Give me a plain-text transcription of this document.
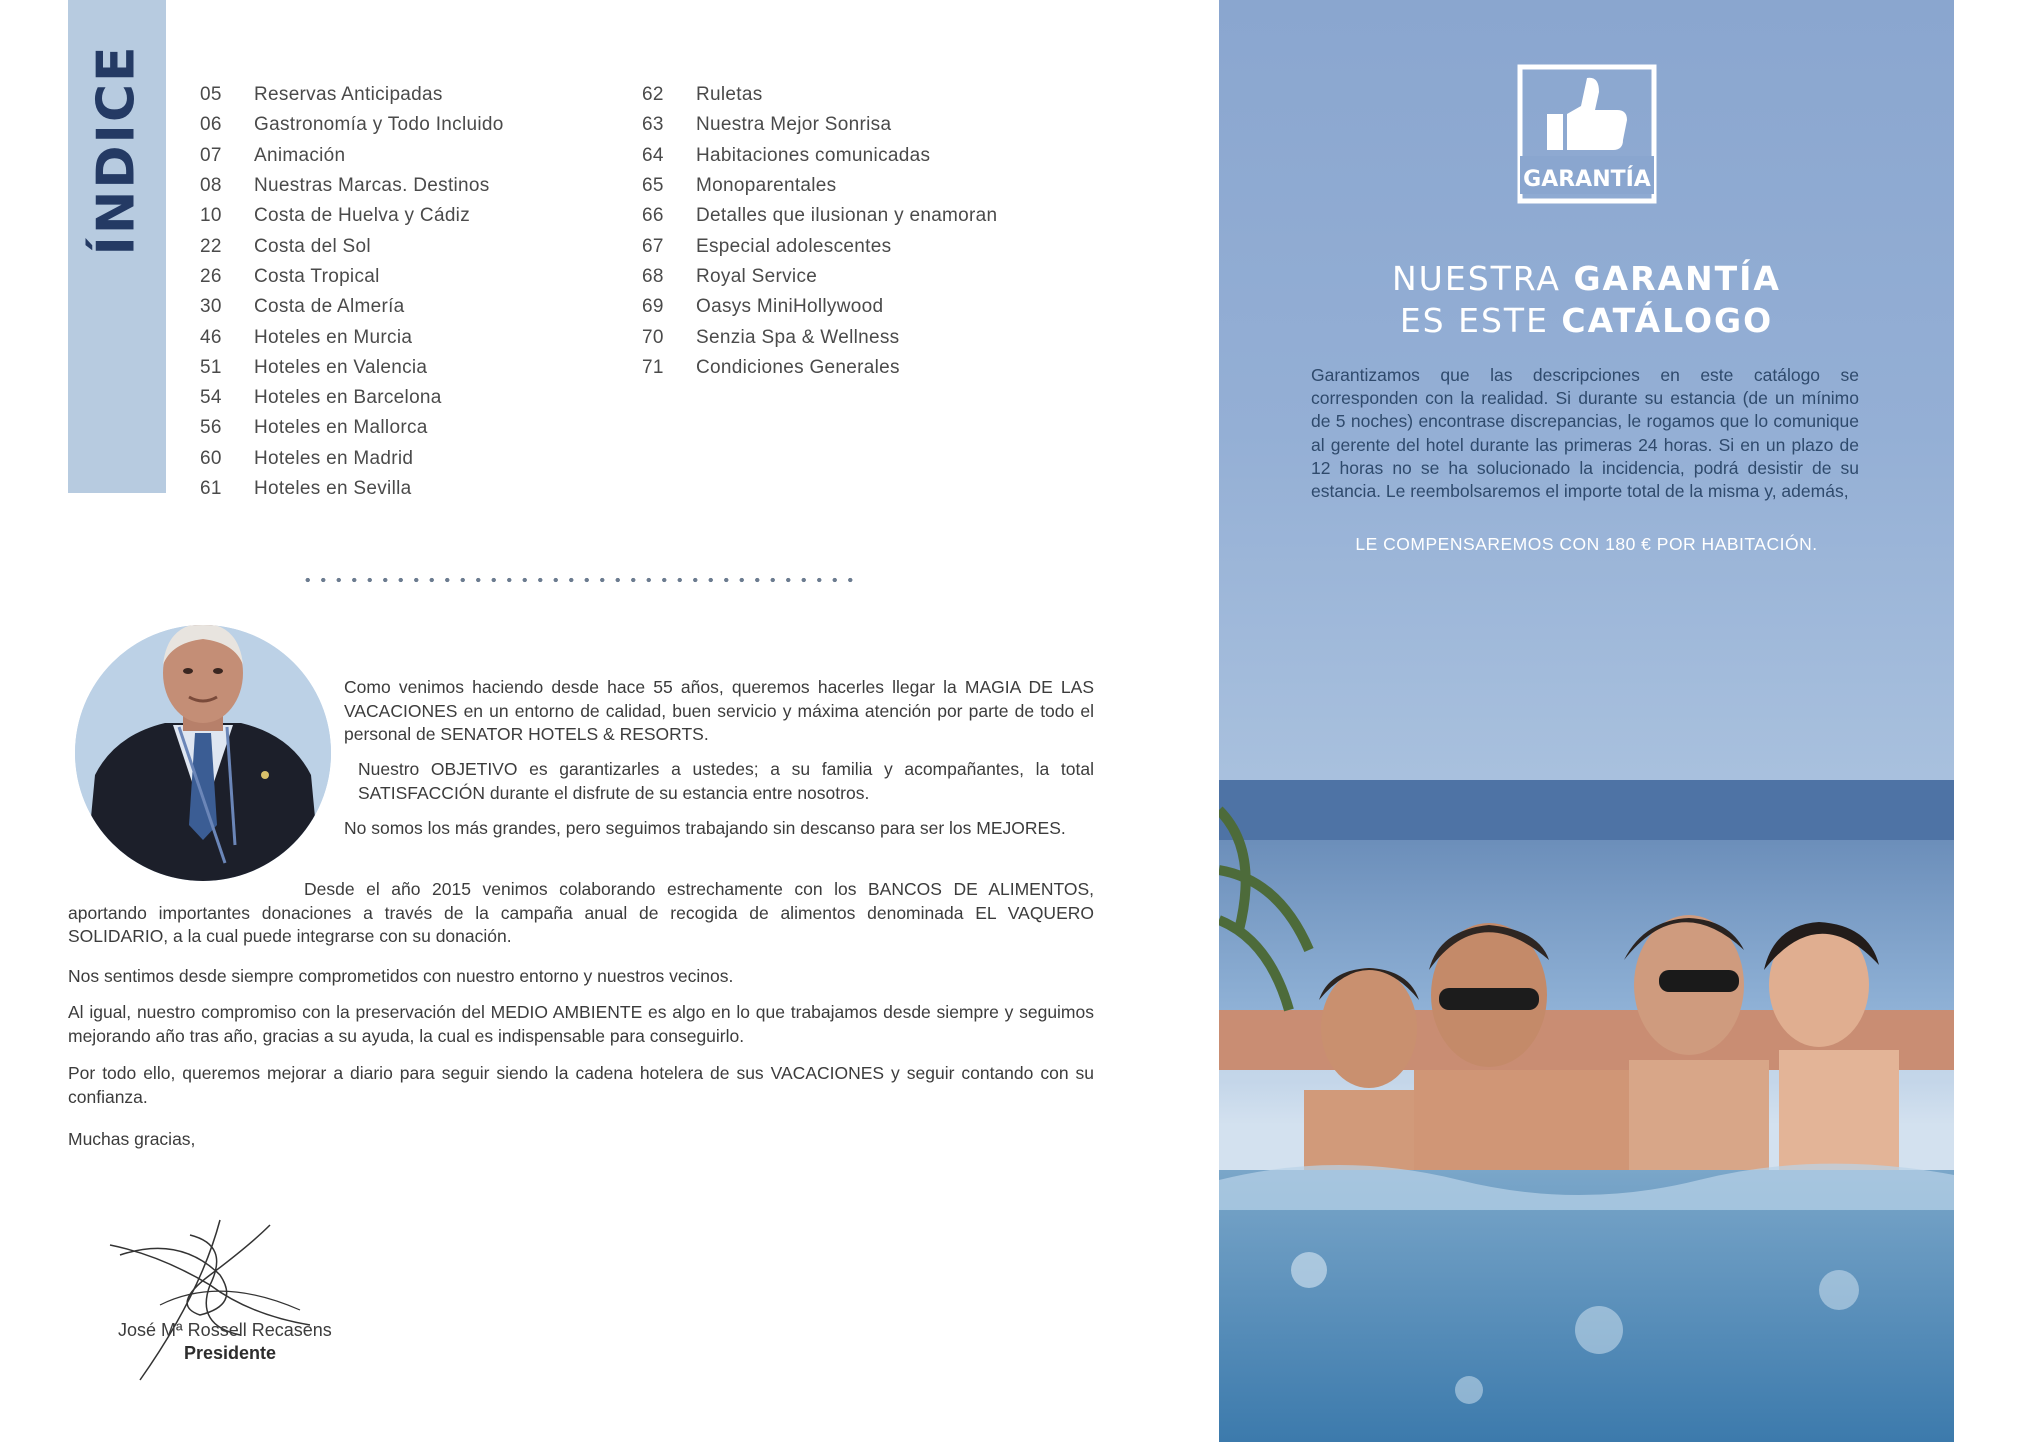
ÍNDICE	05	Reservas Anticipadas
06	Gastronomía y Todo Incluido
07	Animación
08	Nuestras Marcas. Destinos
10	Costa de Huelva y Cádiz
22	Costa del Sol
26	Costa Tropical
30	Costa de Almería
46	Hoteles en Murcia
51	Hoteles en Valencia
54	Hoteles en Barcelona
56	Hoteles en Mallorca
60	Hoteles en Madrid
61	Hoteles en Sevilla
62	Ruletas
63	Nuestra Mejor Sonrisa
64	Habitaciones comunicadas
65	Monoparentales
66	Detalles que ilusionan y enamoran
67	Especial adolescentes
68	Royal Service
69	Oasys MiniHollywood
70	Senzia Spa & Wellness
71	Condiciones Generales

Como venimos haciendo desde hace 55 años, queremos hacerles llegar la MAGIA DE LAS VACACIONES en un entorno de calidad, buen servicio y máxima atención por parte de todo el personal de SENATOR HOTELS & RESORTS.

Nuestro OBJETIVO es garantizarles a ustedes; a su familia y acompañantes, la total SATISFACCIÓN durante el disfrute de su estancia entre nosotros.

No somos los más grandes, pero seguimos trabajando sin descanso para ser los MEJORES.

Desde el año 2015 venimos colaborando estrechamente con los BANCOS DE ALIMENTOS, aportando importantes donaciones a través de la campaña anual de recogida de alimentos denominada EL VAQUERO SOLIDARIO, a la cual puede integrarse con su donación.

Nos sentimos desde siempre comprometidos con nuestro entorno y nuestros vecinos.

Al igual, nuestro compromiso con la preservación del MEDIO AMBIENTE es algo en lo que trabajamos desde siempre y seguimos mejorando año tras año, gracias a su ayuda, la cual es indispensable para conseguirlo.

Por todo ello, queremos mejorar a diario para seguir siendo la cadena hotelera de sus VACACIONES y seguir contando con su confianza.

Muchas gracias,

José Mª Rossell Recasens
Presidente
GARANTÍA
NUESTRA GARANTÍA
ES ESTE CATÁLOGO
Garantizamos que las descripciones en este catálogo se corresponden con la realidad. Si durante su estancia (de un mínimo de 5 noches) encontrase discrepancias, le rogamos que lo comunique al gerente del hotel durante las primeras 24 horas. Si en un plazo de 12 horas no se ha solucionado la incidencia, podrá desistir de su estancia. Le reembolsaremos el importe total de la misma y, además,
LE COMPENSAREMOS CON 180 € POR HABITACIÓN.
